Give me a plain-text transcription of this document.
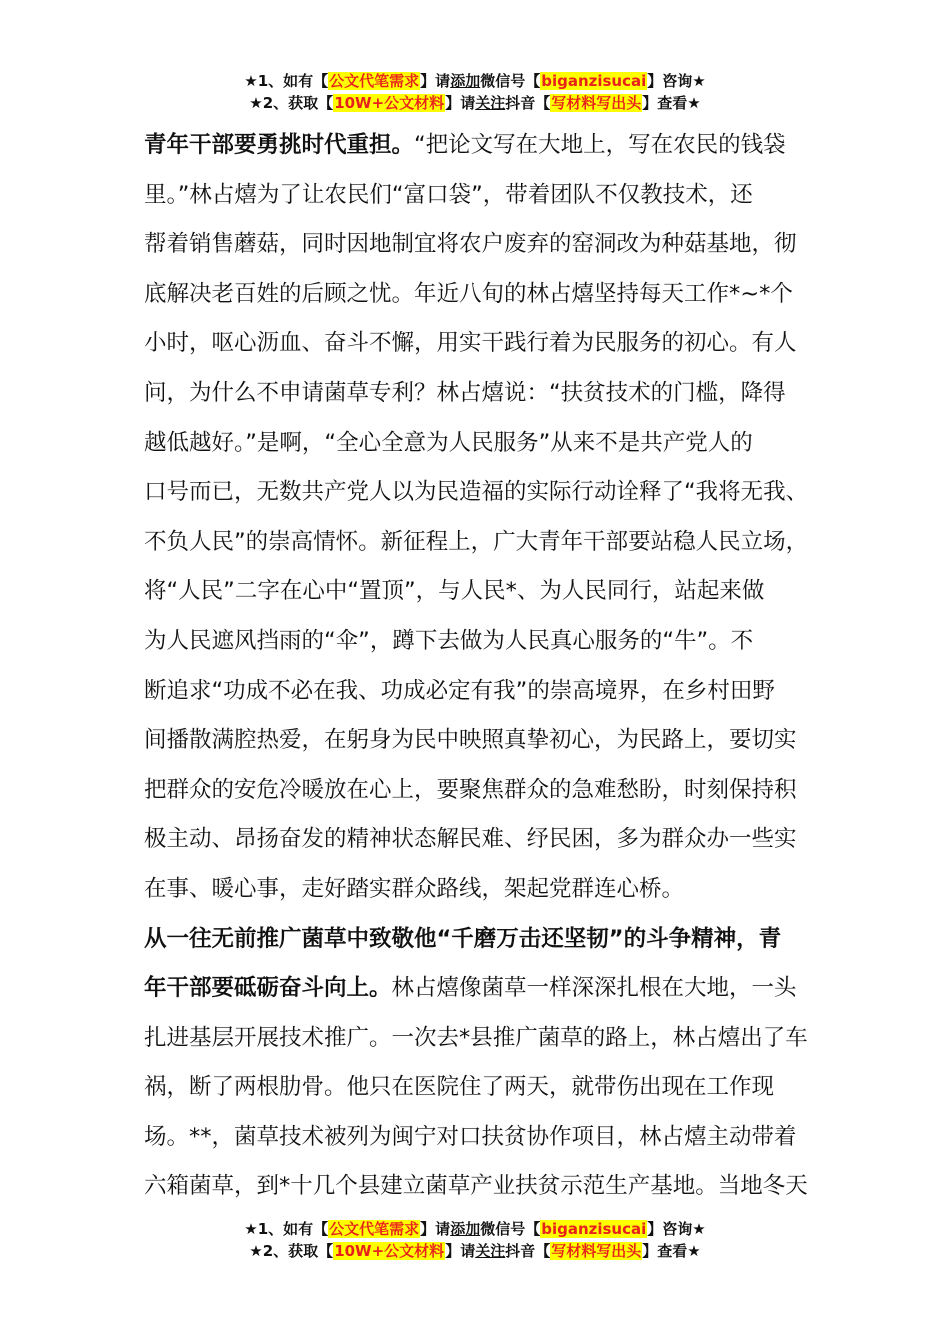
★1、如有【公文代笔需求】请添加微信号【biganzisucai】咨询★
★2、获取【10W+公文材料】请关注抖音【写材料写出头】查看★
青年干部要勇挑时代重担。“把论文写在大地上，写在农民的钱袋
里。”林占熺为了让农民们“富口袋”，带着团队不仅教技术，还
帮着销售蘑菇，同时因地制宜将农户废弃的窑洞改为种菇基地，彻
底解决老百姓的后顾之忧。年近八旬的林占熺坚持每天工作*~*个
小时，呕心沥血、奋斗不懈，用实干践行着为民服务的初心。有人
问，为什么不申请菌草专利？林占熺说：“扶贫技术的门槛，降得
越低越好。”是啊，“全心全意为人民服务”从来不是共产党人的
口号而已，无数共产党人以为民造福的实际行动诠释了“我将无我、
不负人民”的崇高情怀。新征程上，广大青年干部要站稳人民立场，
将“人民”二字在心中“置顶”，与人民*、为人民同行，站起来做
为人民遮风挡雨的“伞”，蹲下去做为人民真心服务的“牛”。不
断追求“功成不必在我、功成必定有我”的崇高境界，在乡村田野
间播散满腔热爱，在躬身为民中映照真挚初心，为民路上，要切实
把群众的安危冷暖放在心上，要聚焦群众的急难愁盼，时刻保持积
极主动、昂扬奋发的精神状态解民难、纾民困，多为群众办一些实
在事、暖心事，走好踏实群众路线，架起党群连心桥。
从一往无前推广菌草中致敬他“千磨万击还坚韧”的斗争精神，青
年干部要砥砺奋斗向上。林占熺像菌草一样深深扎根在大地，一头
扎进基层开展技术推广。一次去*县推广菌草的路上，林占熺出了车
祸，断了两根肋骨。他只在医院住了两天，就带伤出现在工作现
场。**，菌草技术被列为闽宁对口扶贫协作项目，林占熺主动带着
六箱菌草，到*十几个县建立菌草产业扶贫示范生产基地。当地冬天
★1、如有【公文代笔需求】请添加微信号【biganzisucai】咨询★
★2、获取【10W+公文材料】请关注抖音【写材料写出头】查看★
